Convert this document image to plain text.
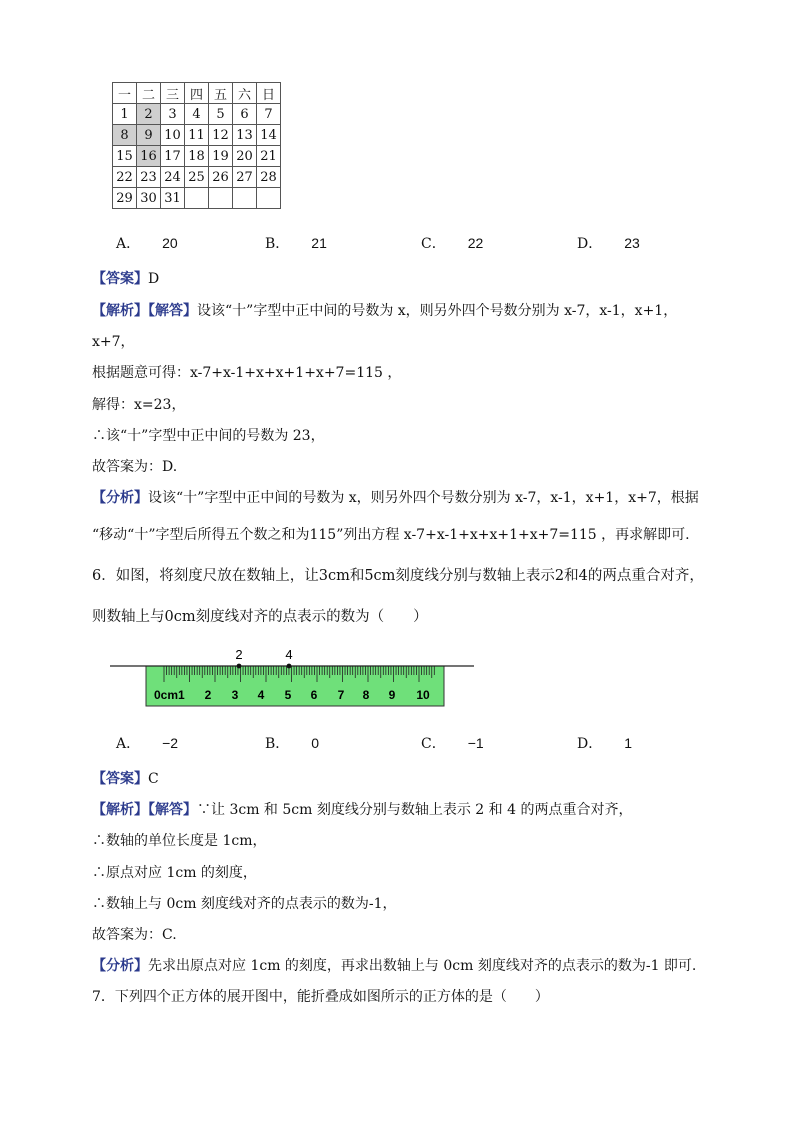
一	二	三	四	五	六	日
1	2	3	4	5	6	7
8	9	10	11	12	13	14
15	16	17	18	19	20	21
22	23	24	25	26	27	28
29	30	31				
A． 20	B． 21	C． 22	D． 23
【答案】D
【解析】【解答】设该“十”字型中正中间的号数为 x，则另外四个号数分别为 x-7，x-1，x+1，
x+7，
根据题意可得：x-7+x-1+x+x+1+x+7=115 ，
解得：x=23，
∴该“十”字型中正中间的号数为 23，
故答案为：D.
【分析】设该“十”字型中正中间的号数为 x，则另外四个号数分别为 x-7，x-1，x+1，x+7，根据
“移动“十”字型后所得五个数之和为115”列出方程 x-7+x-1+x+x+1+x+7=115 ，再求解即可.
6．如图，将刻度尺放在数轴上，让3cm和5cm刻度线分别与数轴上表示2和4的两点重合对齐，
则数轴上与0cm刻度线对齐的点表示的数为（　　）
2	4
0cm1 2 3 4 5 6 7 8 9 10
A． −2	B． 0	C． −1	D． 1
【答案】C
【解析】【解答】∵让 3cm 和 5cm 刻度线分别与数轴上表示 2 和 4 的两点重合对齐，
∴数轴的单位长度是 1cm，
∴原点对应 1cm 的刻度，
∴数轴上与 0cm 刻度线对齐的点表示的数为-1，
故答案为：C.
【分析】先求出原点对应 1cm 的刻度，再求出数轴上与 0cm 刻度线对齐的点表示的数为-1 即可.
7．下列四个正方体的展开图中，能折叠成如图所示的正方体的是（　　）
